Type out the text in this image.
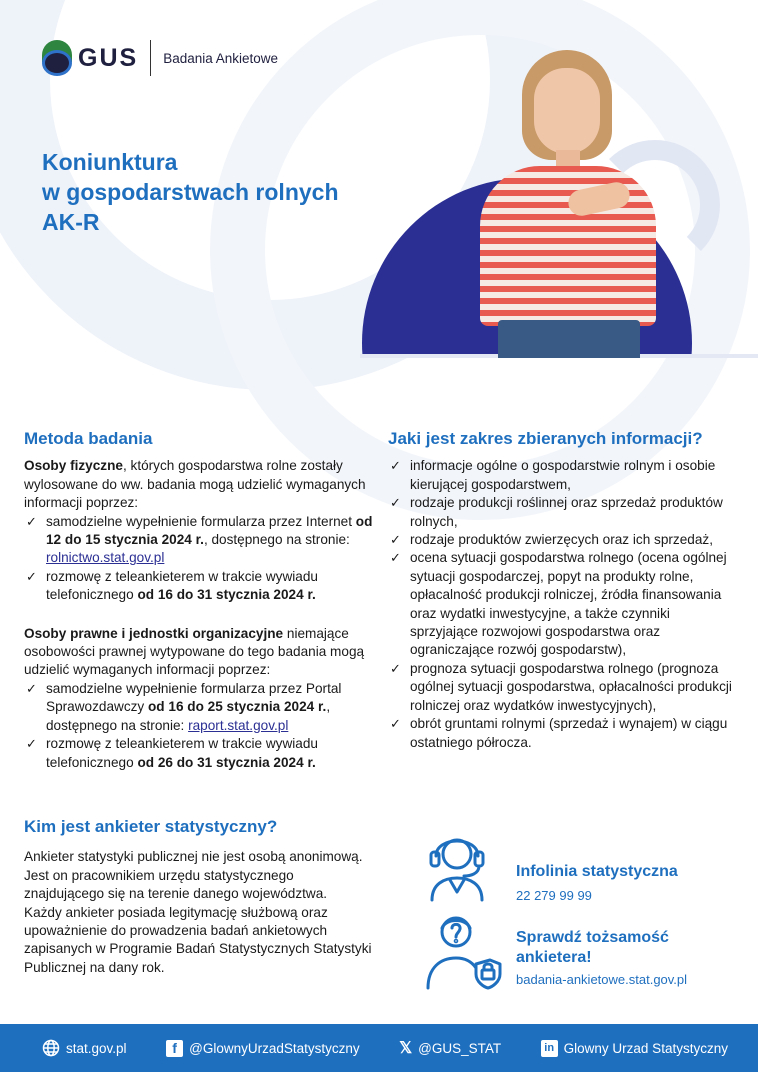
GUS Badania Ankietowe
Koniunktura
w gospodarstwach rolnych
AK-R
Metoda badania
Osoby fizyczne, których gospodarstwa rolne zostały wylosowane do ww. badania mogą udzielić wymaganych informacji poprzez:
✓ samodzielne wypełnienie formularza przez Internet od 12 do 15 stycznia 2024 r., dostępnego na stronie: rolnictwo.stat.gov.pl
✓ rozmowę z teleankieterem w trakcie wywiadu telefonicznego od 16 do 31 stycznia 2024 r.
Osoby prawne i jednostki organizacyjne niemające osobowości prawnej wytypowane do tego badania mogą udzielić wymaganych informacji poprzez:
✓ samodzielne wypełnienie formularza przez Portal Sprawozdawczy od 16 do 25 stycznia 2024 r., dostępnego na stronie: raport.stat.gov.pl
✓ rozmowę z teleankieterem w trakcie wywiadu telefonicznego od 26 do 31 stycznia 2024 r.
Jaki jest zakres zbieranych informacji?
✓ informacje ogólne o gospodarstwie rolnym i osobie kierującej gospodarstwem,
✓ rodzaje produkcji roślinnej oraz sprzedaż produktów rolnych,
✓ rodzaje produktów zwierzęcych oraz ich sprzedaż,
✓ ocena sytuacji gospodarstwa rolnego (ocena ogólnej sytuacji gospodarczej, popyt na produkty rolne, opłacalność produkcji rolniczej, źródła finansowania oraz wydatki inwestycyjne, a także czynniki sprzyjające rozwojowi gospodarstwa oraz ograniczające rozwój gospodarstw),
✓ prognoza sytuacji gospodarstwa rolnego (prognoza ogólnej sytuacji gospodarstwa, opłacalności produkcji rolniczej oraz wydatków inwestycyjnych),
✓ obrót gruntami rolnymi (sprzedaż i wynajem) w ciągu ostatniego półrocza.
Kim jest ankieter statystyczny?
Ankieter statystyki publicznej nie jest osobą anonimową. Jest on pracownikiem urzędu statystycznego znajdującego się na terenie danego województwa.
Każdy ankieter posiada legitymację służbową oraz upoważnienie do prowadzenia badań ankietowych zapisanych w Programie Badań Statystycznych Statystyki Publicznej na dany rok.
Infolinia statystyczna
22 279 99 99
Sprawdź tożsamość
ankietera!
badania-ankietowe.stat.gov.pl
stat.gov.pl	f @GlownyUrzadStatystyczny 𝕏 @GUS_STAT	in Glowny Urzad Statystyczny
